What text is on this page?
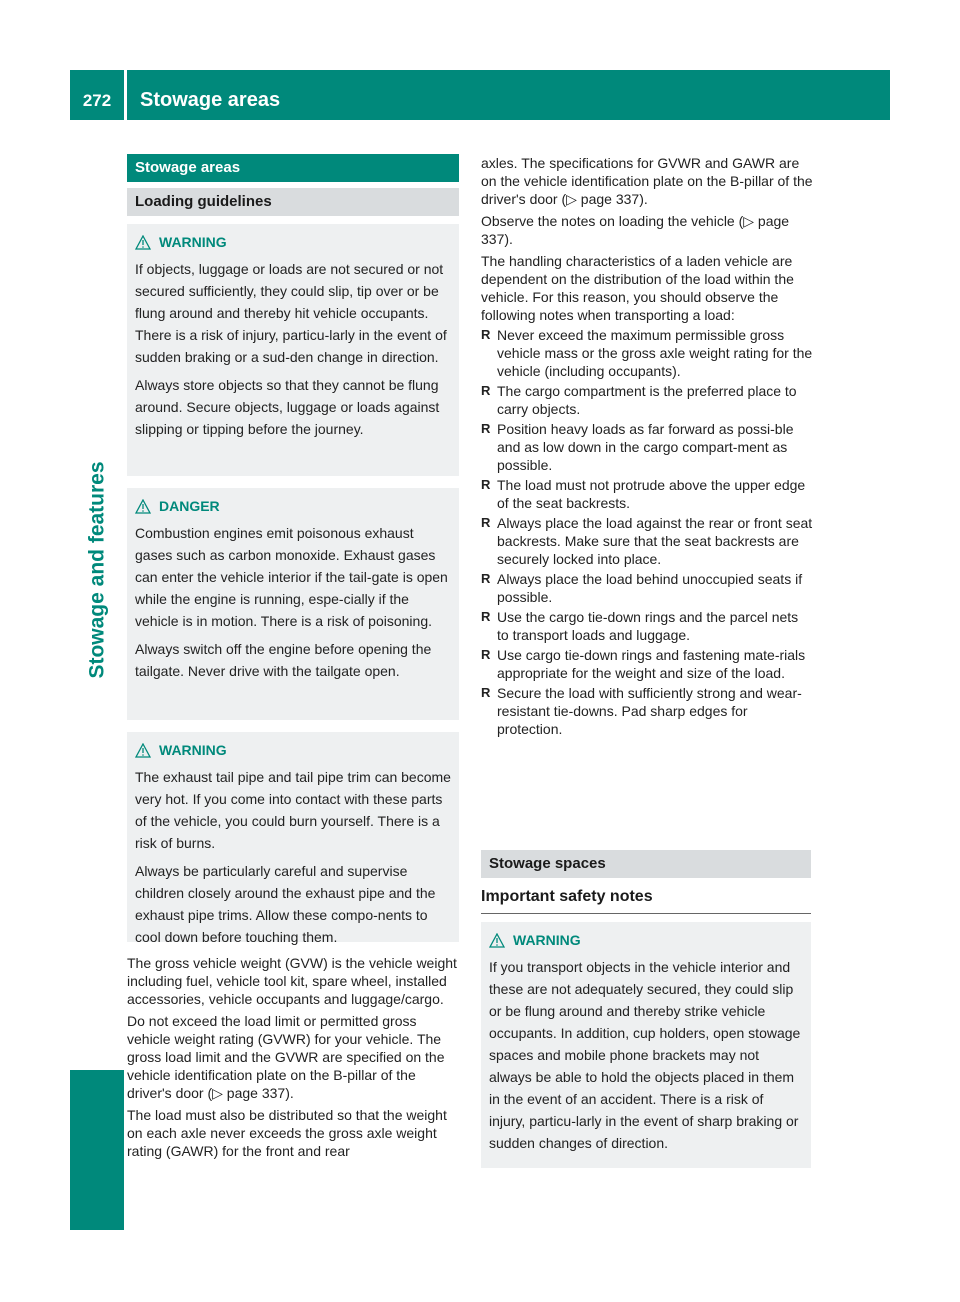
272	Stowage areas
Stowage and features
Stowage areas
Loading guidelines
WARNING

If objects, luggage or loads are not secured or not secured sufficiently, they could slip, tip over or be flung around and thereby hit vehicle occupants. There is a risk of injury, particu-larly in the event of sudden braking or a sud-den change in direction.

Always store objects so that they cannot be flung around. Secure objects, luggage or loads against slipping or tipping before the journey.

DANGER

Combustion engines emit poisonous exhaust gases such as carbon monoxide. Exhaust gases can enter the vehicle interior if the tail-gate is open while the engine is running, espe-cially if the vehicle is in motion. There is a risk of poisoning.

Always switch off the engine before opening the tailgate. Never drive with the tailgate open.

WARNING

The exhaust tail pipe and tail pipe trim can become very hot. If you come into contact with these parts of the vehicle, you could burn yourself. There is a risk of burns.

Always be particularly careful and supervise children closely around the exhaust pipe and the exhaust pipe trims. Allow these compo-nents to cool down before touching them.

The gross vehicle weight (GVW) is the vehicle weight including fuel, vehicle tool kit, spare wheel, installed accessories, vehicle occupants and luggage/cargo.

Do not exceed the load limit or permitted gross vehicle weight rating (GVWR) for your vehicle. The gross load limit and the GVWR are specified on the vehicle identification plate on the B-pillar of the driver's door (▷ page 337).

The load must also be distributed so that the weight on each axle never exceeds the gross axle weight rating (GAWR) for the front and rear

axles. The specifications for GVWR and GAWR are on the vehicle identification plate on the B-pillar of the driver's door (▷ page 337).

Observe the notes on loading the vehicle (▷ page 337).

The handling characteristics of a laden vehicle are dependent on the distribution of the load within the vehicle. For this reason, you should observe the following notes when transporting a load:

R Never exceed the maximum permissible gross vehicle mass or the gross axle weight rating for the vehicle (including occupants).
R The cargo compartment is the preferred place to carry objects.
R Position heavy loads as far forward as possi-ble and as low down in the cargo compart-ment as possible.
R The load must not protrude above the upper edge of the seat backrests.
R Always place the load against the rear or front seat backrests. Make sure that the seat backrests are securely locked into place.
R Always place the load behind unoccupied seats if possible.
R Use the cargo tie-down rings and the parcel nets to transport loads and luggage.
R Use cargo tie-down rings and fastening mate-rials appropriate for the weight and size of the load.
R Secure the load with sufficiently strong and wear-resistant tie-downs. Pad sharp edges for protection.
Stowage spaces
Important safety notes
WARNING

If you transport objects in the vehicle interior and these are not adequately secured, they could slip or be flung around and thereby strike vehicle occupants. In addition, cup holders, open stowage spaces and mobile phone brackets may not always be able to hold the objects placed in them in the event of an accident. There is a risk of injury, particu-larly in the event of sharp braking or sudden changes of direction.
